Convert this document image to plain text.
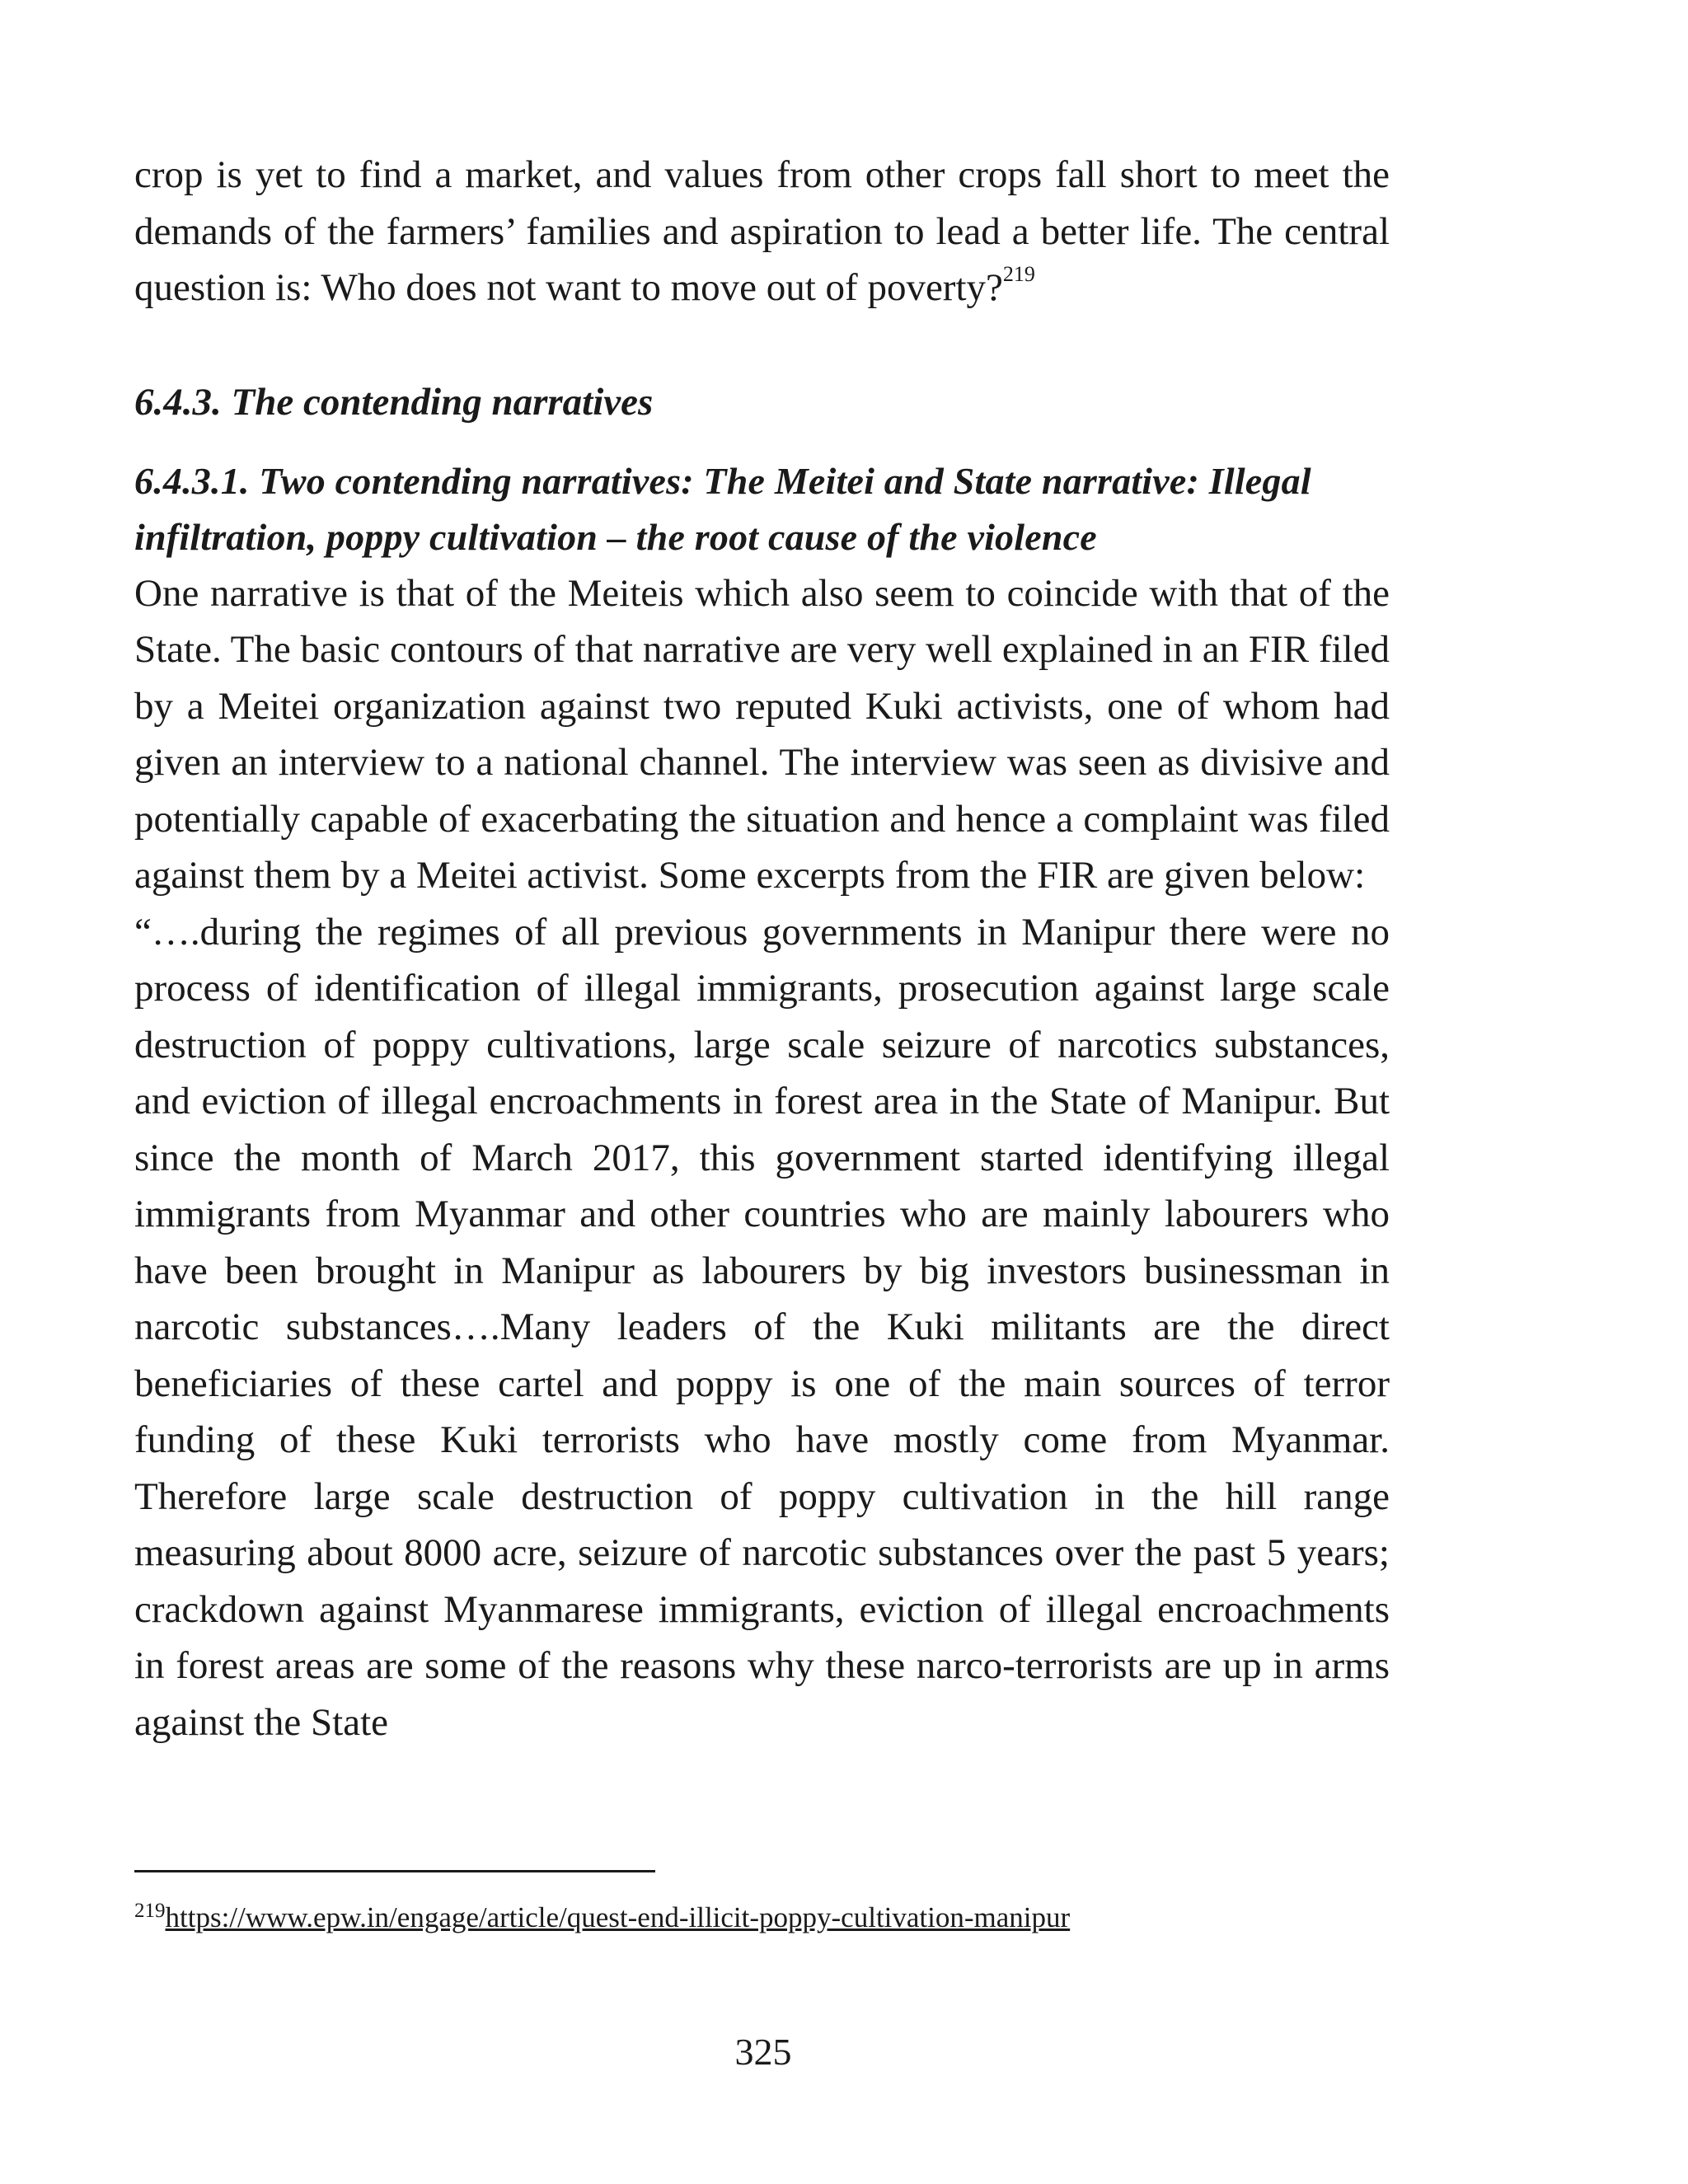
crop is yet to find a market, and values from other crops fall short to meet the demands of the farmers’ families and aspiration to lead a better life. The central question is: Who does not want to move out of poverty?$^{219}$

6.4.3. The contending narratives
6.4.3.1. Two contending narratives: The Meitei and State narrative: Illegal infiltration, poppy cultivation – the root cause of the violence

One narrative is that of the Meiteis which also seem to coincide with that of the State. The basic contours of that narrative are very well explained in an FIR filed by a Meitei organization against two reputed Kuki activists, one of whom had given an interview to a national channel. The interview was seen as divisive and potentially capable of exacerbating the situation and hence a complaint was filed against them by a Meitei activist. Some excerpts from the FIR are given below:

“….during the regimes of all previous governments in Manipur there were no process of identification of illegal immigrants, prosecution against large scale destruction of poppy cultivations, large scale seizure of narcotics substances, and eviction of illegal encroachments in forest area in the State of Manipur. But since the month of March 2017, this government started identifying illegal immigrants from Myanmar and other countries who are mainly labourers who have been brought in Manipur as labourers by big investors businessman in narcotic substances….Many leaders of the Kuki militants are the direct beneficiaries of these cartel and poppy is one of the main sources of terror funding of these Kuki terrorists who have mostly come from Myanmar. Therefore large scale destruction of poppy cultivation in the hill range measuring about 8000 acre, seizure of narcotic substances over the past 5 years; crackdown against Myanmarese immigrants, eviction of illegal encroachments in forest areas are some of the reasons why these narco-terrorists are up in arms against the State

$^{219}$https://www.epw.in/engage/article/quest-end-illicit-poppy-cultivation-manipur
325
